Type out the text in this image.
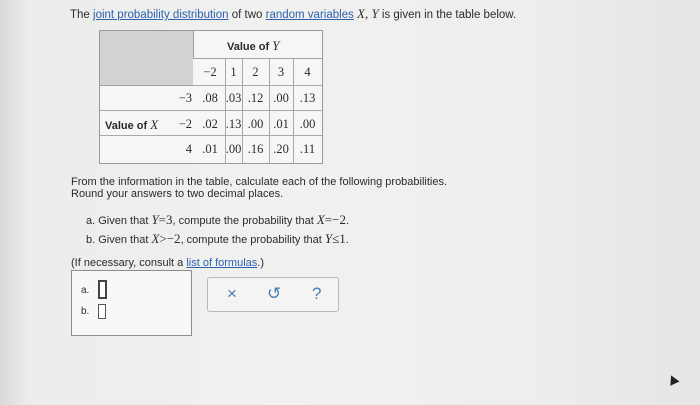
The joint probability distribution of two random variables X, Y is given in the table below.
Value of Y
−2	1	2	3	4
Value of X
−3 .08 .03 .12 .00 .13
−2 .02 .13 .00 .01 .00
4 .01 .00 .16 .20 .11
From the information in the table, calculate each of the following probabilities.
Round your answers to two decimal places.
a. Given that Y=3, compute the probability that X=−2.
b. Given that X>−2, compute the probability that Y≤1.
(If necessary, consult a list of formulas.)
a.
b.
× ↺ ?
